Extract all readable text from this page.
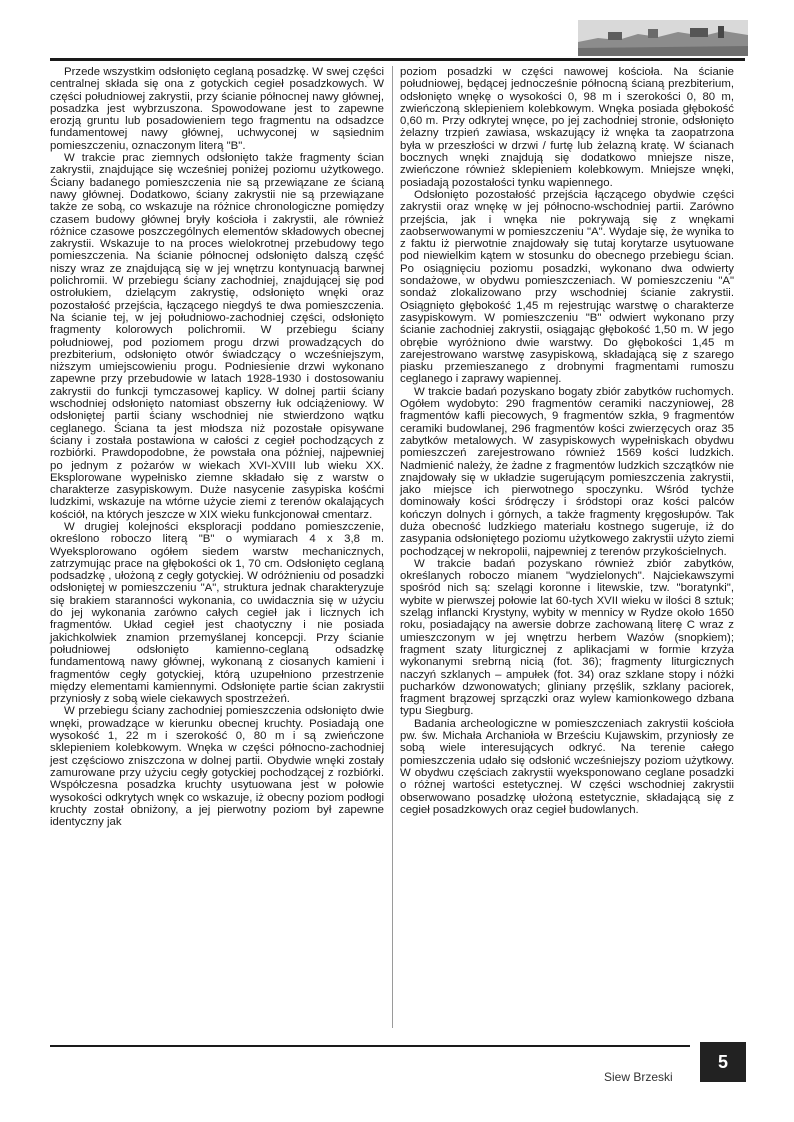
Przede wszystkim odsłonięto ceglaną posadzkę. W swej części centralnej składa się ona z gotyckich cegieł posadzkowych. W części południowej zakrystii, przy ścianie północnej nawy głównej, posadzka jest wybrzuszona. Spowodowane jest to zapewne erozją gruntu lub posadowieniem tego fragmentu na odsadzce fundamentowej nawy głównej, uchwyconej w sąsiednim pomieszczeniu, oznaczonym literą "B".

W trakcie prac ziemnych odsłonięto także fragmenty ścian zakrystii, znajdujące się wcześniej poniżej poziomu użytkowego. Ściany badanego pomieszczenia nie są przewiązane ze ścianą nawy głównej. Dodatkowo, ściany zakrystii nie są przewiązane także ze sobą, co wskazuje na różnice chronologiczne pomiędzy czasem budowy głównej bryły kościoła i zakrystii, ale również różnice czasowe poszczególnych elementów składowych obecnej zakrystii. Wskazuje to na proces wielokrotnej przebudowy tego pomieszczenia. Na ścianie północnej odsłonięto dalszą część niszy wraz ze znajdującą się w jej wnętrzu kontynuacją barwnej polichromii. W przebiegu ściany zachodniej, znajdującej się pod ostrołukiem, dzielącym zakrystię, odsłonięto wnęki oraz pozostałość przejścia, łączącego niegdyś te dwa pomieszczenia. Na ścianie tej, w jej południowo-zachodniej części, odsłonięto fragmenty kolorowych polichromii. W przebiegu ściany południowej, pod poziomem progu drzwi prowadzących do prezbiterium, odsłonięto otwór świadczący o wcześniejszym, niższym umiejscowieniu progu. Podniesienie drzwi wykonano zapewne przy przebudowie w latach 1928-1930 i dostosowaniu zakrystii do funkcji tymczasowej kaplicy. W dolnej partii ściany wschodniej odsłonięto natomiast obszerny łuk odciążeniowy. W odsłoniętej partii ściany wschodniej nie stwierdzono wątku ceglanego. Ściana ta jest młodsza niż pozostałe opisywane ściany i została postawiona w całości z cegieł pochodzących z rozbiórki. Prawdopodobne, że powstała ona później, najpewniej po jednym z pożarów w wiekach XVI-XVIII lub wieku XX. Eksplorowane wypełnisko ziemne składało się z warstw o charakterze zasypiskowym. Duże nasycenie zasypiska kośćmi ludzkimi, wskazuje na wtórne użycie ziemi z terenów okalających kościół, na których jeszcze w XIX wieku funkcjonował cmentarz.

W drugiej kolejności eksploracji poddano pomieszczenie, określono roboczo literą "B" o wymiarach 4 x 3,8 m. Wyeksplorowano ogółem siedem warstw mechanicznych, zatrzymując prace na głębokości ok 1, 70 cm. Odsłonięto ceglaną podsadzkę , ułożoną z cegły gotyckiej. W odróżnieniu od posadzki odsłoniętej w pomieszczeniu "A", struktura jednak charakteryzuje się brakiem staranności wykonania, co uwidacznia się w użyciu do jej wykonania zarówno całych cegieł jak i licznych ich fragmentów. Układ cegieł jest chaotyczny i nie posiada jakichkolwiek znamion przemyślanej koncepcji. Przy ścianie południowej odsłonięto kamienno-ceglaną odsadzkę fundamentową nawy głównej, wykonaną z ciosanych kamieni i fragmentów cegły gotyckiej, którą uzupełniono przestrzenie między elementami kamiennymi. Odsłonięte partie ścian zakrystii przyniosły z sobą wiele ciekawych spostrzeżeń.

W przebiegu ściany zachodniej pomieszczenia odsłonięto dwie wnęki, prowadzące w kierunku obecnej kruchty. Posiadają one wysokość 1, 22 m i szerokość 0, 80 m i są zwieńczone sklepieniem kolebkowym. Wnęka w części północno-zachodniej jest częściowo zniszczona w dolnej partii. Obydwie wnęki zostały zamurowane przy użyciu cegły gotyckiej pochodzącej z rozbiórki. Współczesna posadzka kruchty usytuowana jest w połowie wysokości odkrytych wnęk co wskazuje, iż obecny poziom podłogi kruchty został obniżony, a jej pierwotny poziom był zapewne identyczny jak

poziom posadzki w części nawowej kościoła. Na ścianie południowej, będącej jednocześnie północną ścianą prezbiterium, odsłonięto wnękę o wysokości 0, 98 m i szerokości 0, 80 m, zwieńczoną sklepieniem kolebkowym. Wnęka posiada głębokość 0,60 m. Przy odkrytej wnęce, po jej zachodniej stronie, odsłonięto żelazny trzpień zawiasa, wskazujący iż wnęka ta zaopatrzona była w przeszłości w drzwi / furtę lub żelazną kratę. W ścianach bocznych wnęki znajdują się dodatkowo mniejsze nisze, zwieńczone również sklepieniem kolebkowym. Mniejsze wnęki, posiadają pozostałości tynku wapiennego.

Odsłonięto pozostałość przejścia łączącego obydwie części zakrystii oraz wnękę w jej północno-wschodniej partii. Zarówno przejścia, jak i wnęka nie pokrywają się z wnękami zaobserwowanymi w pomieszczeniu "A". Wydaje się, że wynika to z faktu iż pierwotnie znajdowały się tutaj korytarze usytuowane pod niewielkim kątem w stosunku do obecnego przebiegu ścian. Po osiągnięciu poziomu posadzki, wykonano dwa odwierty sondażowe, w obydwu pomieszczeniach. W pomieszczeniu "A" sondaż zlokalizowano przy wschodniej ścianie zakrystii. Osiągnięto głębokość 1,45 m rejestrując warstwę o charakterze zasypiskowym. W pomieszczeniu "B" odwiert wykonano przy ścianie zachodniej zakrystii, osiągając głębokość 1,50 m. W jego obrębie wyróżniono dwie warstwy. Do głębokości 1,45 m zarejestrowano warstwę zasypiskową, składającą się z szarego piasku przemieszanego z drobnymi fragmentami rumoszu ceglanego i zaprawy wapiennej.

W trakcie badań pozyskano bogaty zbiór zabytków ruchomych. Ogółem wydobyto: 290 fragmentów ceramiki naczyniowej, 28 fragmentów kafli piecowych, 9 fragmentów szkła, 9 fragmentów ceramiki budowlanej, 296 fragmentów kości zwierzęcych oraz 35 zabytków metalowych. W zasypiskowych wypełniskach obydwu pomieszczeń zarejestrowano również 1569 kości ludzkich. Nadmienić należy, że żadne z fragmentów ludzkich szczątków nie znajdowały się w układzie sugerującym pomieszczenia zakrystii, jako miejsce ich pierwotnego spoczynku. Wśród tychże dominowały kości śródręczy i śródstopi oraz kości palców kończyn dolnych i górnych, a także fragmenty kręgosłupów. Tak duża obecność ludzkiego materiału kostnego sugeruje, iż do zasypania odsłoniętego poziomu użytkowego zakrystii użyto ziemi pochodzącej w nekropolii, najpewniej z terenów przykościelnych.

W trakcie badań pozyskano również zbiór zabytków, określanych roboczo mianem "wydzielonych". Najciekawszymi spośród nich są: szelągi koronne i litewskie, tzw. "boratynki", wybite w pierwszej połowie lat 60-tych XVII wieku w ilości 8 sztuk; szeląg inflancki Krystyny, wybity w mennicy w Rydze około 1650 roku, posiadający na awersie dobrze zachowaną literę C wraz z umieszczonym w jej wnętrzu herbem Wazów (snopkiem); fragment szaty liturgicznej z aplikacjami w formie krzyża wykonanymi srebrną nicią (fot. 36); fragmenty liturgicznych naczyń szklanych – ampułek (fot. 34) oraz szklane stopy i nóżki pucharków dzwonowatych; gliniany przęślik, szklany paciorek, fragment brązowej sprzączki oraz wylew kamionkowego dzbana typu Siegburg.

Badania archeologiczne w pomieszczeniach zakrystii kościoła pw. św. Michała Archanioła w Brześciu Kujawskim, przyniosły ze sobą wiele interesujących odkryć. Na terenie całego pomieszczenia udało się odsłonić wcześniejszy poziom użytkowy. W obydwu częściach zakrystii wyeksponowano ceglane posadzki o różnej wartości estetycznej. W części wschodniej zakrystii obserwowano posadzkę ułożoną estetycznie, składającą się z cegieł posadzkowych oraz cegieł budowlanych.

Siew Brzeski
5
